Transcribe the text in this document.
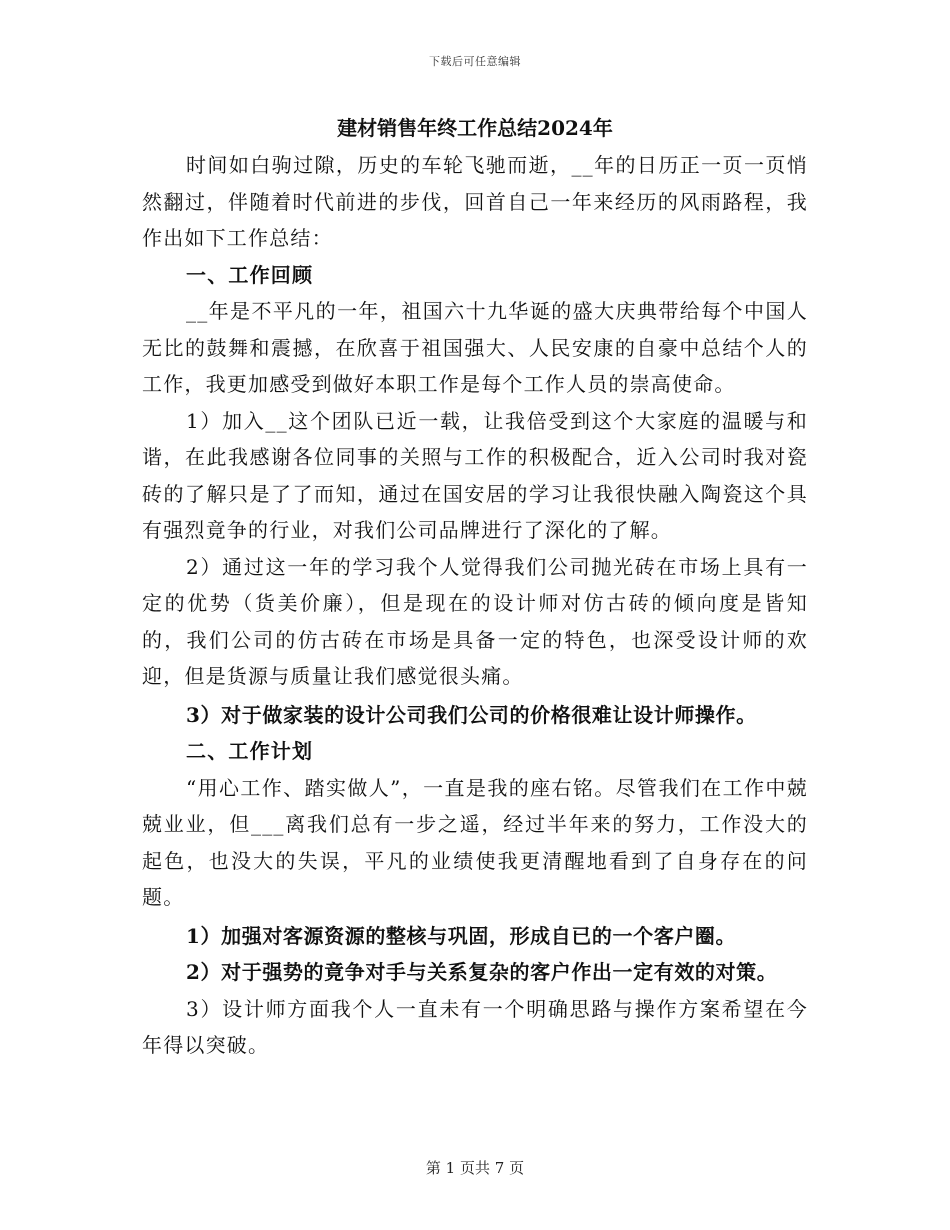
下载后可任意编辑
建材销售年终工作总结2024年

时间如白驹过隙，历史的车轮飞驰而逝，__年的日历正一页一页悄然翻过，伴随着时代前进的步伐，回首自己一年来经历的风雨路程，我作出如下工作总结：

一、工作回顾

__年是不平凡的一年，祖国六十九华诞的盛大庆典带给每个中国人无比的鼓舞和震撼，在欣喜于祖国强大、人民安康的自豪中总结个人的工作，我更加感受到做好本职工作是每个工作人员的崇高使命。

1）加入__这个团队已近一载，让我倍受到这个大家庭的温暖与和谐，在此我感谢各位同事的关照与工作的积极配合，近入公司时我对瓷砖的了解只是了了而知，通过在国安居的学习让我很快融入陶瓷这个具有强烈竟争的行业，对我们公司品牌进行了深化的了解。

2）通过这一年的学习我个人觉得我们公司抛光砖在市场上具有一定的优势（货美价廉），但是现在的设计师对仿古砖的倾向度是皆知的，我们公司的仿古砖在市场是具备一定的特色，也深受设计师的欢迎，但是货源与质量让我们感觉很头痛。

3）对于做家装的设计公司我们公司的价格很难让设计师操作。

二、工作计划

“用心工作、踏实做人”，一直是我的座右铭。尽管我们在工作中兢兢业业，但___离我们总有一步之遥，经过半年来的努力，工作没大的起色，也没大的失误，平凡的业绩使我更清醒地看到了自身存在的问题。

1）加强对客源资源的整核与巩固，形成自已的一个客户圈。

2）对于强势的竟争对手与关系复杂的客户作出一定有效的对策。

3）设计师方面我个人一直未有一个明确思路与操作方案希望在今年得以突破。

第 1 页共 7 页
